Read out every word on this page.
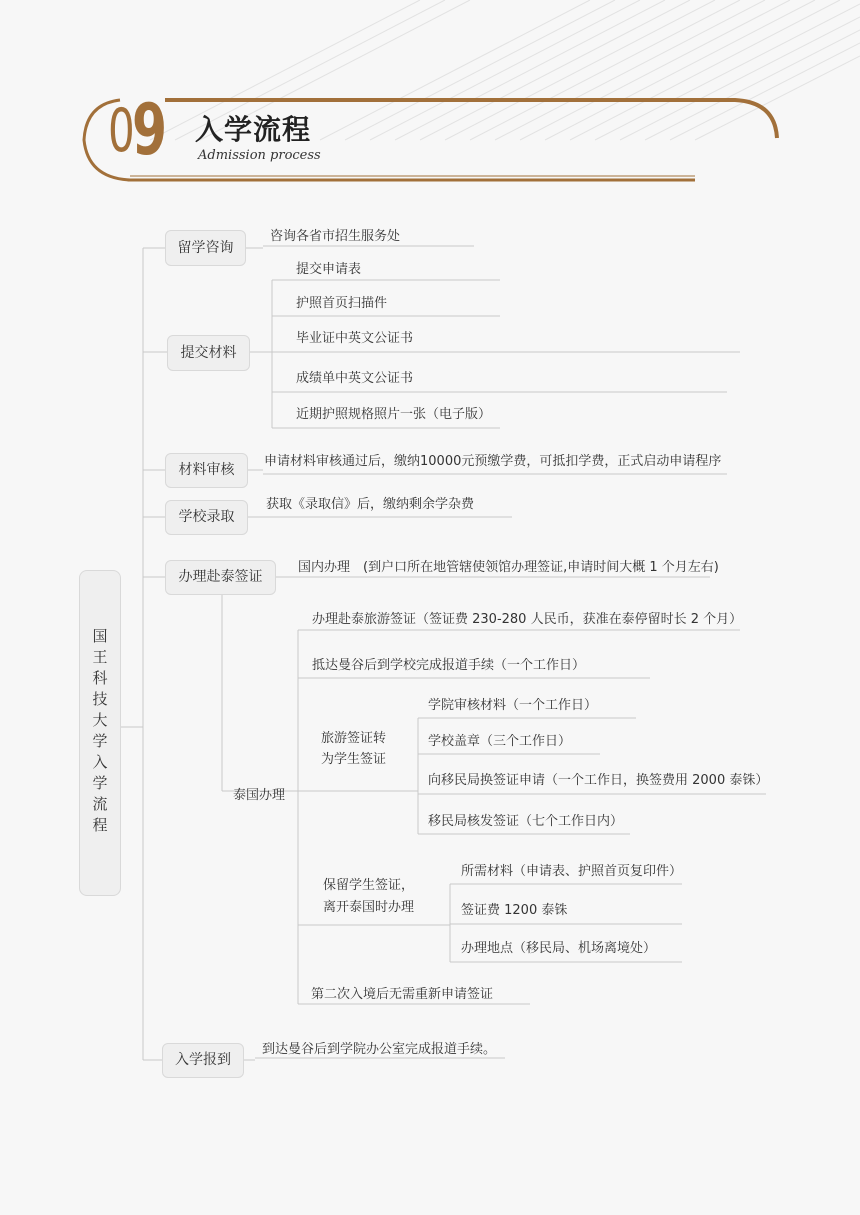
0
9 入学流程
Admission process
国王科技大学入学流程
留学咨询
提交材料
材料审核
学校录取
办理赴泰签证
入学报到
咨询各省市招生服务处
提交申请表
护照首页扫描件
毕业证中英文公证书
成绩单中英文公证书
近期护照规格照片一张（电子版）
申请材料审核通过后，缴纳10000元预缴学费，可抵扣学费，正式启动申请程序
获取《录取信》后，缴纳剩余学杂费
国内办理　(到户口所在地管辖使领馆办理签证,申请时间大概 1 个月左右)
泰国办理
办理赴泰旅游签证（签证费 230-280 人民币，获准在泰停留时长 2 个月）
抵达曼谷后到学校完成报道手续（一个工作日）
旅游签证转
为学生签证
学院审核材料（一个工作日）
学校盖章（三个工作日）
向移民局换签证申请（一个工作日，换签费用 2000 泰铢）
移民局核发签证（七个工作日内）
保留学生签证，
离开泰国时办理
所需材料（申请表、护照首页复印件）
签证费 1200 泰铢
办理地点（移民局、机场离境处）
第二次入境后无需重新申请签证
到达曼谷后到学院办公室完成报道手续。
